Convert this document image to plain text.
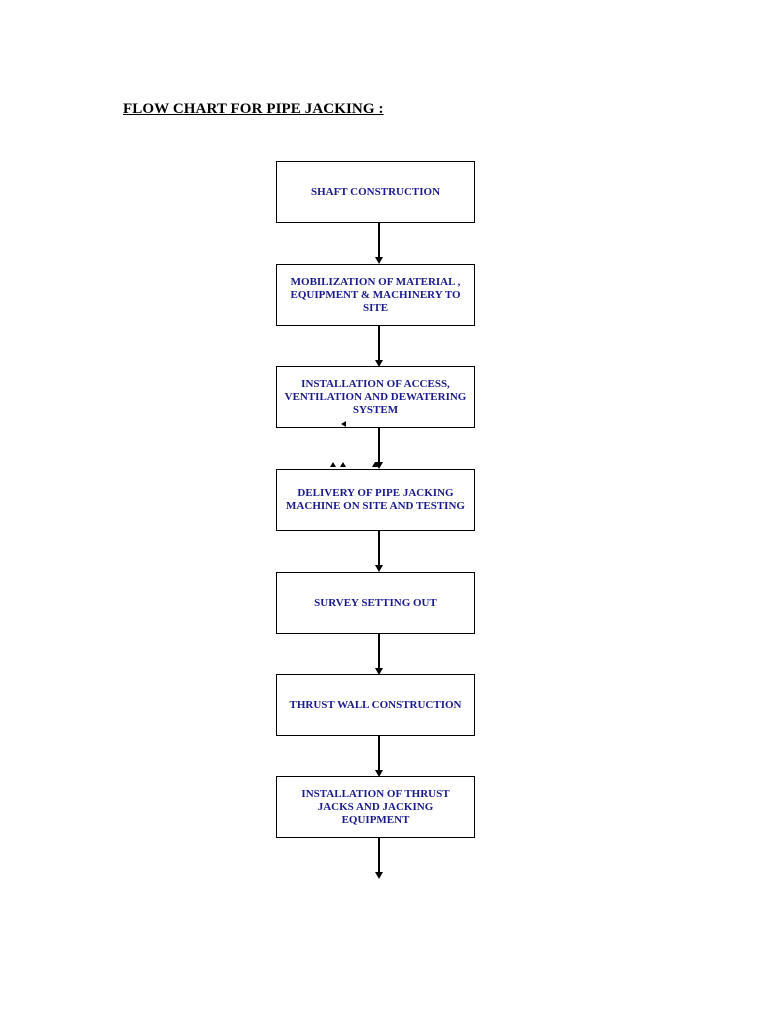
FLOW CHART FOR PIPE JACKING :
SHAFT CONSTRUCTION
MOBILIZATION OF MATERIAL , EQUIPMENT & MACHINERY TO SITE
INSTALLATION OF ACCESS, VENTILATION AND DEWATERING SYSTEM
DELIVERY OF PIPE JACKING MACHINE ON SITE AND TESTING
SURVEY SETTING OUT
THRUST WALL CONSTRUCTION
INSTALLATION OF THRUST JACKS AND JACKING EQUIPMENT
